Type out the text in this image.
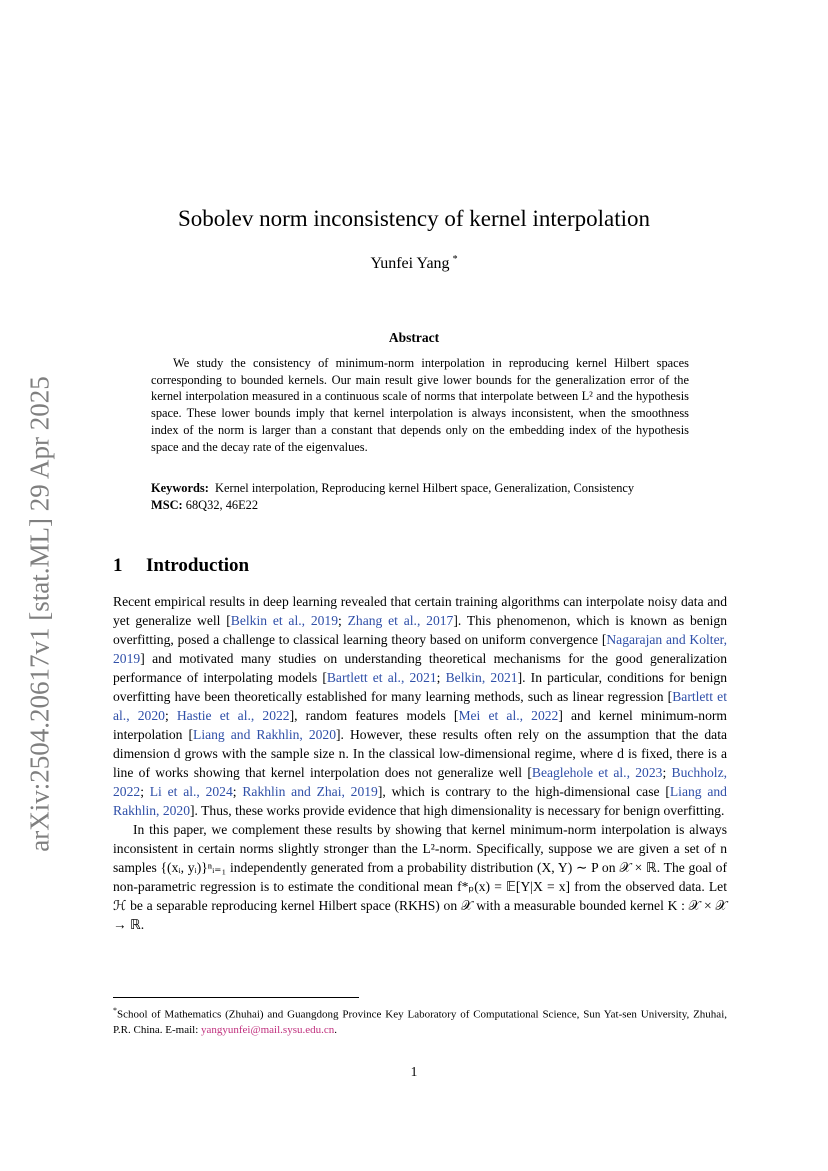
arXiv:2504.20617v1 [stat.ML] 29 Apr 2025
Sobolev norm inconsistency of kernel interpolation
Yunfei Yang *
Abstract

We study the consistency of minimum-norm interpolation in reproducing kernel Hilbert spaces corresponding to bounded kernels. Our main result give lower bounds for the generalization error of the kernel interpolation measured in a continuous scale of norms that interpolate between L² and the hypothesis space. These lower bounds imply that kernel interpolation is always inconsistent, when the smoothness index of the norm is larger than a constant that depends only on the embedding index of the hypothesis space and the decay rate of the eigenvalues.

Keywords: Kernel interpolation, Reproducing kernel Hilbert space, Generalization, Consistency
MSC: 68Q32, 46E22
1 Introduction

Recent empirical results in deep learning revealed that certain training algorithms can interpolate noisy data and yet generalize well [Belkin et al., 2019; Zhang et al., 2017]. This phenomenon, which is known as benign overfitting, posed a challenge to classical learning theory based on uniform convergence [Nagarajan and Kolter, 2019] and motivated many studies on understanding theoretical mechanisms for the good generalization performance of interpolating models [Bartlett et al., 2021; Belkin, 2021]. In particular, conditions for benign overfitting have been theoretically established for many learning methods, such as linear regression [Bartlett et al., 2020; Hastie et al., 2022], random features models [Mei et al., 2022] and kernel minimum-norm interpolation [Liang and Rakhlin, 2020]. However, these results often rely on the assumption that the data dimension d grows with the sample size n. In the classical low-dimensional regime, where d is fixed, there is a line of works showing that kernel interpolation does not generalize well [Beaglehole et al., 2023; Buchholz, 2022; Li et al., 2024; Rakhlin and Zhai, 2019], which is contrary to the high-dimensional case [Liang and Rakhlin, 2020]. Thus, these works provide evidence that high dimensionality is necessary for benign overfitting.

In this paper, we complement these results by showing that kernel minimum-norm interpolation is always inconsistent in certain norms slightly stronger than the L²-norm. Specifically, suppose we are given a set of n samples {(xᵢ, yᵢ)}ⁿᵢ₌₁ independently generated from a probability distribution (X, Y) ∼ P on 𝒳 × ℝ. The goal of non-parametric regression is to estimate the conditional mean f*ₚ(x) = 𝔼[Y|X = x] from the observed data. Let ℋ be a separable reproducing kernel Hilbert space (RKHS) on 𝒳 with a measurable bounded kernel K : 𝒳 × 𝒳 → ℝ.

*School of Mathematics (Zhuhai) and Guangdong Province Key Laboratory of Computational Science, Sun Yat-sen University, Zhuhai, P.R. China. E-mail: yangyunfei@mail.sysu.edu.cn.
1
